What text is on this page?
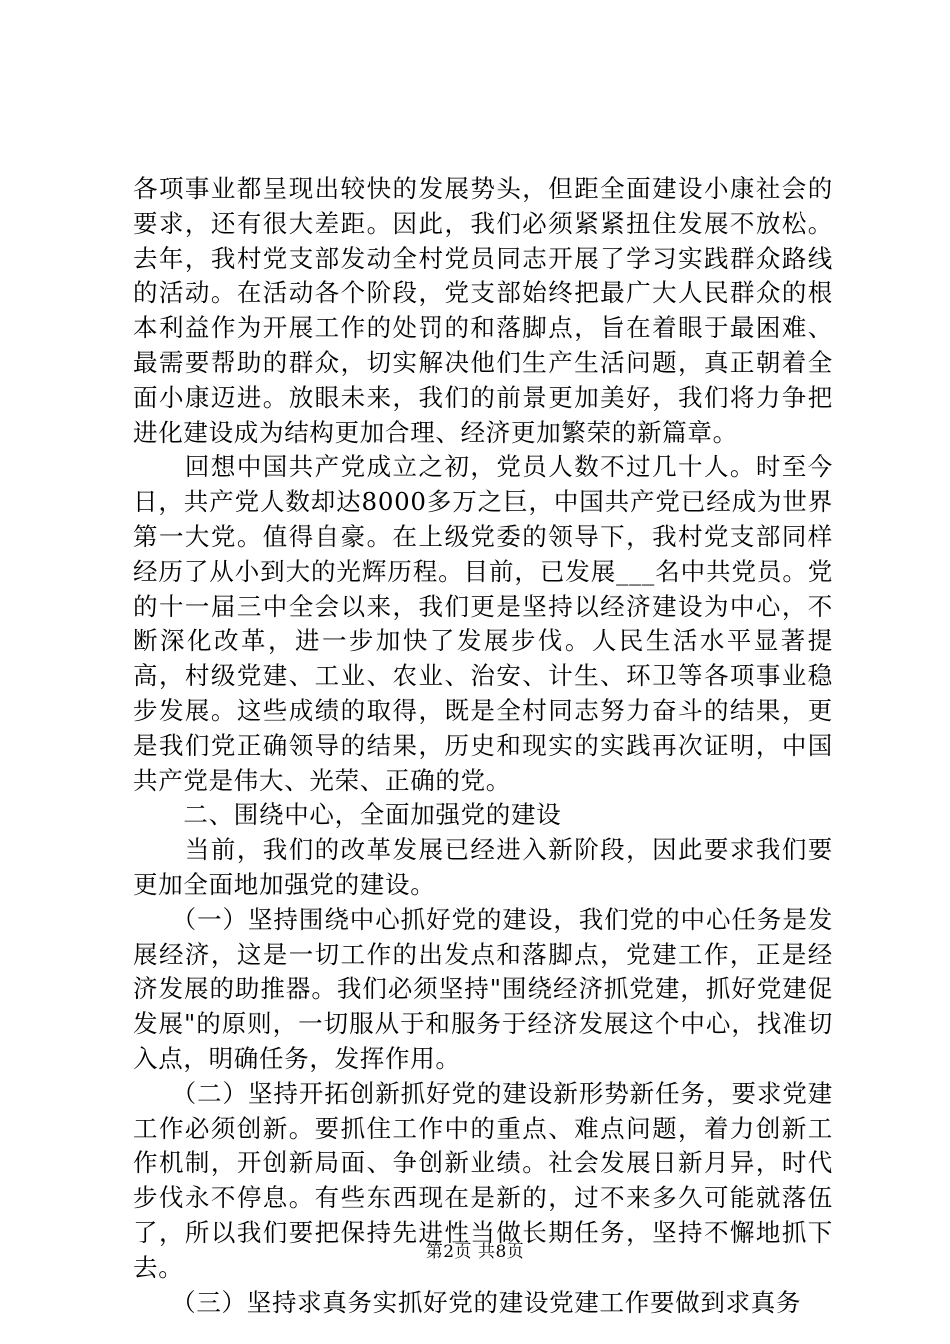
各项事业都呈现出较快的发展势头，但距全面建设小康社会的要求，还有很大差距。因此，我们必须紧紧扭住发展不放松。去年，我村党支部发动全村党员同志开展了学习实践群众路线的活动。在活动各个阶段，党支部始终把最广大人民群众的根本利益作为开展工作的处罚的和落脚点，旨在着眼于最困难、最需要帮助的群众，切实解决他们生产生活问题，真正朝着全面小康迈进。放眼未来，我们的前景更加美好，我们将力争把进化建设成为结构更加合理、经济更加繁荣的新篇章。

　　回想中国共产党成立之初，党员人数不过几十人。时至今日，共产党人数却达8000多万之巨，中国共产党已经成为世界第一大党。值得自豪。在上级党委的领导下，我村党支部同样经历了从小到大的光辉历程。目前，已发展___名中共党员。党的十一届三中全会以来，我们更是坚持以经济建设为中心，不断深化改革，进一步加快了发展步伐。人民生活水平显著提高，村级党建、工业、农业、治安、计生、环卫等各项事业稳步发展。这些成绩的取得，既是全村同志努力奋斗的结果，更是我们党正确领导的结果，历史和现实的实践再次证明，中国共产党是伟大、光荣、正确的党。

　　二、围绕中心，全面加强党的建设

　　当前，我们的改革发展已经进入新阶段，因此要求我们要更加全面地加强党的建设。

　　（一）坚持围绕中心抓好党的建设，我们党的中心任务是发展经济，这是一切工作的出发点和落脚点，党建工作，正是经济发展的助推器。我们必须坚持"围绕经济抓党建，抓好党建促发展"的原则，一切服从于和服务于经济发展这个中心，找准切入点，明确任务，发挥作用。

　　（二）坚持开拓创新抓好党的建设新形势新任务，要求党建工作必须创新。要抓住工作中的重点、难点问题，着力创新工作机制，开创新局面、争创新业绩。社会发展日新月异，时代步伐永不停息。有些东西现在是新的，过不来多久可能就落伍了，所以我们要把保持先进性当做长期任务，坚持不懈地抓下去。

　　（三）坚持求真务实抓好党的建设党建工作要做到求真务

第2页 共8页
